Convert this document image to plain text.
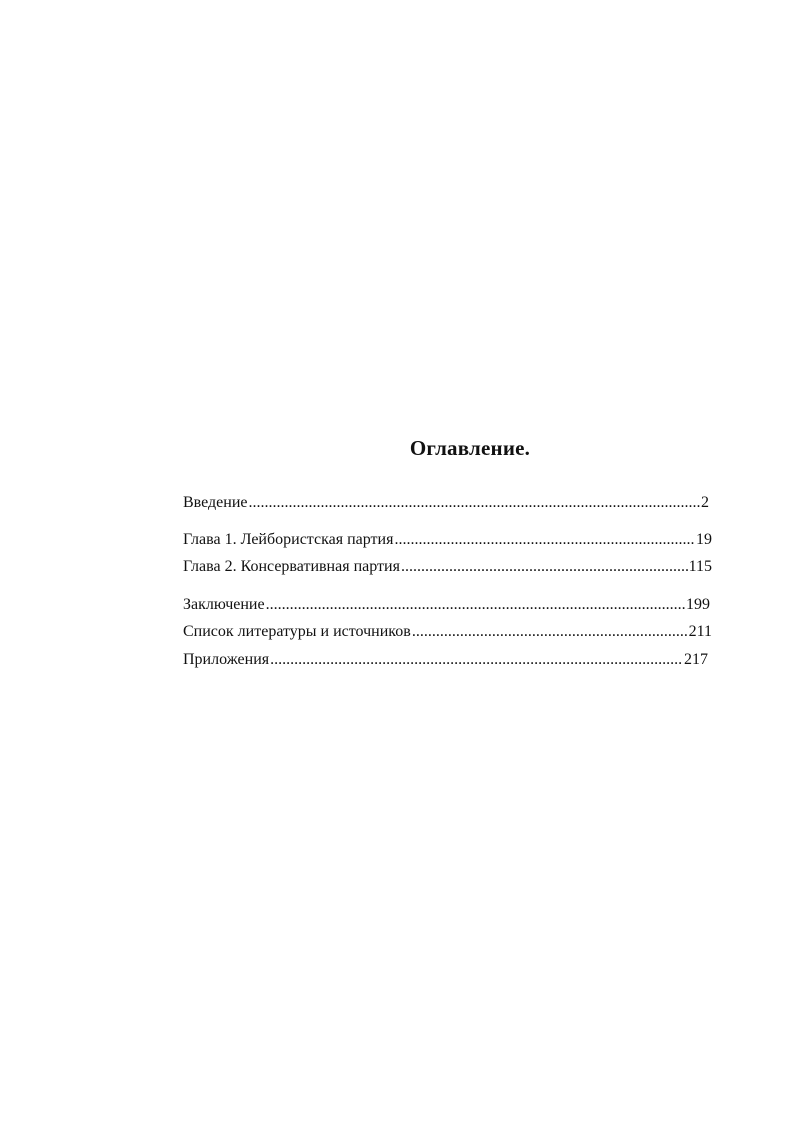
Оглавление.
Введение .....	2
Глава 1. Лейбористская партия .....	19
Глава 2. Консервативная партия .....	115
Заключение .....	199
Список литературы и источников .....	211
Приложения .....	217
